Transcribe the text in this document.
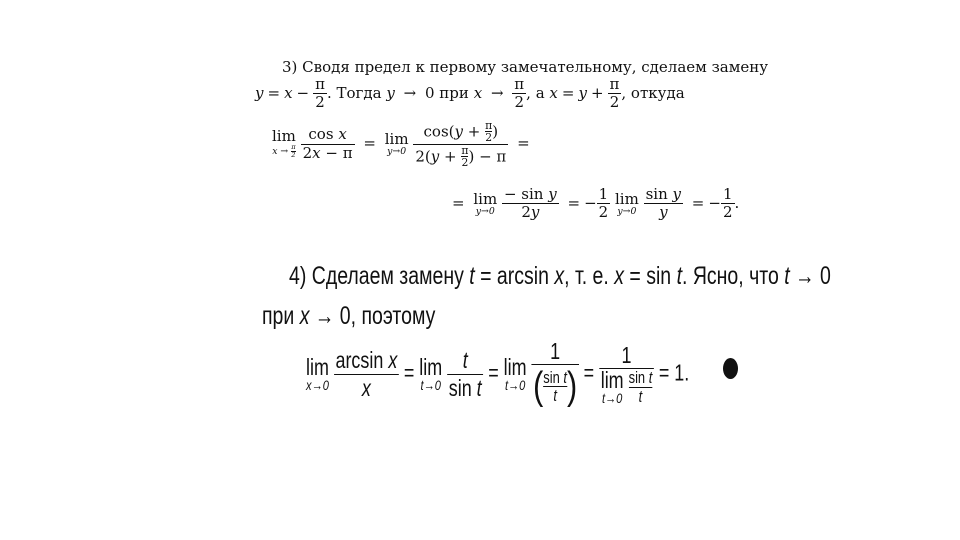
3) Сводя предел к первому замечательному, сделаем замену
$y = x - \frac{\pi}{2}$ . Тогда y → 0 при $x \to \frac{\pi}{2}$ , а $x = y + \frac{\pi}{2}$ , откуда
lim
$x \to \frac{\pi}{2}$
$\frac{\text{cos x}}{2x - \pi} = \lim$
y→0
$\frac{\cos(y + \frac{\pi}{2} )}{2(y + \frac{\pi}{2} ) - \pi}$ =
= lim
y→0
$\frac{\text{− sin y}}{2y}$ = − $\frac{1}{2}$ lim
y→0
$\frac{\text{sin y}}{y}$ = − $\frac{1}{2}$ .
4) Сделаем замену t = arcsin x, т. е. x = sin t. Ясно, что t → 0
при x → 0, поэтому
lim
x→0
$\frac{\text{arcsin x}}{x} = \lim$
t→0
$\frac{t}{\text{sin t}} = \lim$
t→0
$\frac{1}{( \frac{\text{sin t}}{t} )} = 1$
lim
t→0
$\frac{\text{sin t}}{t} = 1$.
